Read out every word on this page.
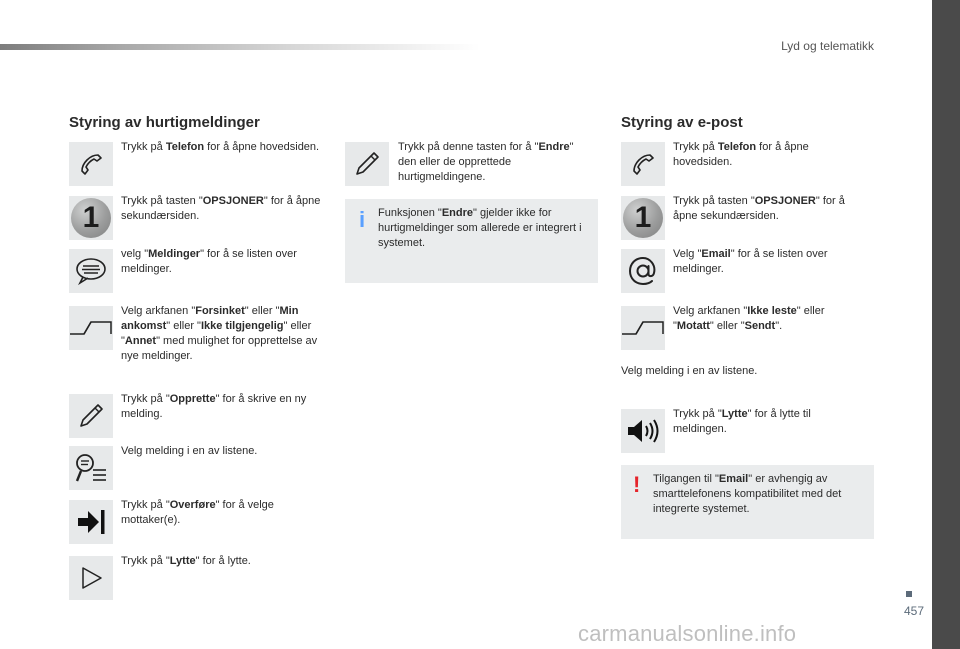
Lyd og telematikk
457
carmanualsonline.info
Styring av hurtigmeldinger
Trykk på Telefon for å åpne hovedsiden.
1	Trykk på tasten "OPSJONER" for å åpne sekundærsiden.
velg "Meldinger" for å se listen over meldinger.
Velg arkfanen "Forsinket" eller "Min ankomst" eller "Ikke tilgjengelig" eller "Annet" med mulighet for opprettelse av nye meldinger.
Trykk på "Opprette" for å skrive en ny melding.
Velg melding i en av listene.
Trykk på "Overføre" for å velge mottaker(e).
Trykk på "Lytte" for å lytte.
Trykk på denne tasten for å "Endre" den eller de opprettede hurtigmeldingene.
i Funksjonen "Endre" gjelder ikke for hurtigmeldinger som allerede er integrert i systemet.
Styring av e-post
Trykk på Telefon for å åpne hovedsiden.
1	Trykk på tasten "OPSJONER" for å åpne sekundærsiden.
Velg "Email" for å se listen over meldinger.
Velg arkfanen "Ikke leste" eller "Motatt" eller "Sendt".
Velg melding i en av listene.
Trykk på "Lytte" for å lytte til meldingen.
! Tilgangen til "Email" er avhengig av smarttelefonens kompatibilitet med det integrerte systemet.
